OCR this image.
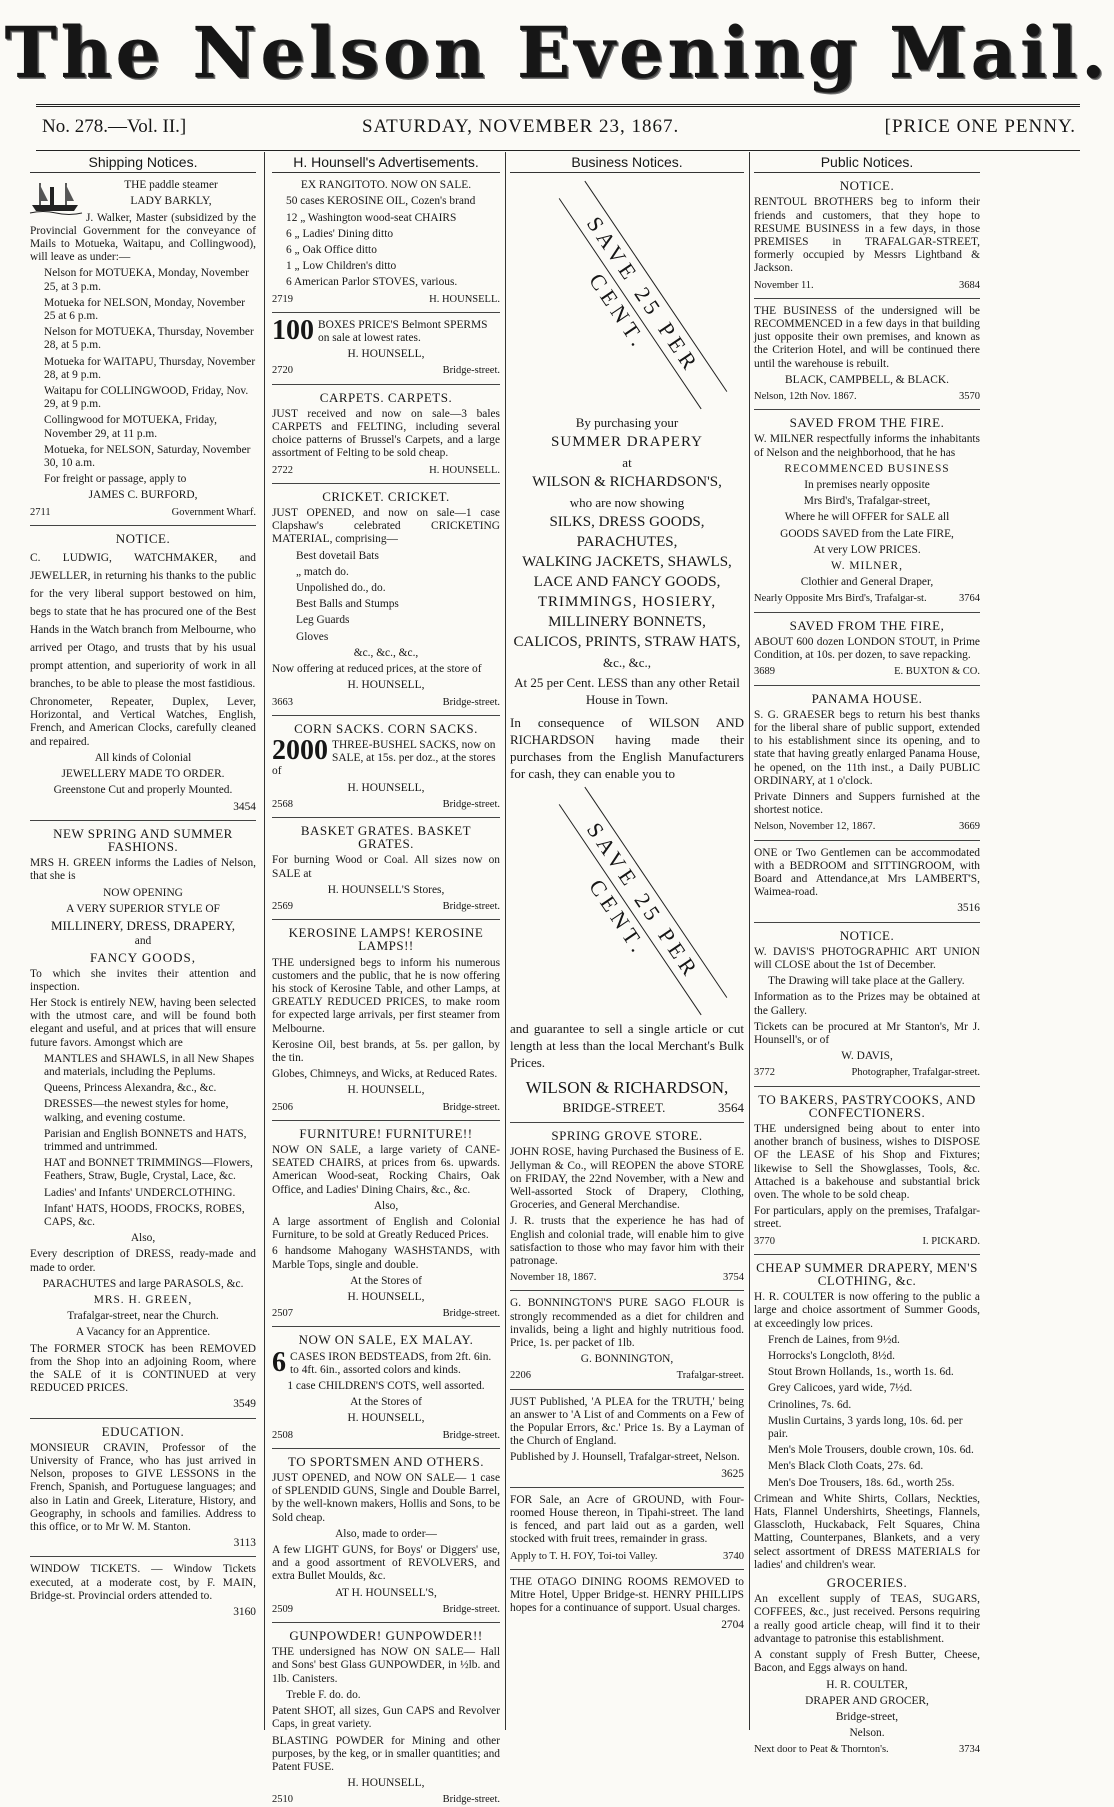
The Nelson Evening Mail.
No. 278.—Vol. II.]	SATURDAY, NOVEMBER 23, 1867.	[PRICE ONE PENNY.
Shipping Notices.

THE paddle steamer

LADY BARKLY,

J. Walker, Master (subsidized by the Provincial Government for the conveyance of Mails to Motueka, Waitapu, and Collingwood), will leave as under:—

Nelson for MOTUEKA, Monday, November 25, at 3 p.m.

Motueka for NELSON, Monday, November 25 at 6 p.m.

Nelson for MOTUEKA, Thursday, November 28, at 5 p.m.

Motueka for WAITAPU, Thursday, November 28, at 9 p.m.

Waitapu for COLLINGWOOD, Friday, Nov. 29, at 9 p.m.

Collingwood for MOTUEKA, Friday, November 29, at 11 p.m.

Motueka, for NELSON, Saturday, November 30, 10 a.m.

For freight or passage, apply to

JAMES C. BURFORD,

2711	Government Wharf.
NOTICE.

C. LUDWIG, WATCHMAKER, and JEWELLER, in returning his thanks to the public for the very liberal support bestowed on him, begs to state that he has procured one of the Best Hands in the Watch branch from Melbourne, who arrived per Otago, and trusts that by his usual prompt attention, and superiority of work in all branches, to be able to please the most fastidious.

Chronometer, Repeater, Duplex, Lever, Horizontal, and Vertical Watches, English, French, and American Clocks, carefully cleaned and repaired.

All kinds of Colonial

JEWELLERY MADE TO ORDER.

Greenstone Cut and properly Mounted.

3454

NEW SPRING AND SUMMER FASHIONS.

MRS H. GREEN informs the Ladies of Nelson, that she is

NOW OPENING

A VERY SUPERIOR STYLE OF

MILLINERY, DRESS, DRAPERY,

and

FANCY GOODS,

To which she invites their attention and inspection.

Her Stock is entirely NEW, having been selected with the utmost care, and will be found both elegant and useful, and at prices that will ensure future favors. Amongst which are

MANTLES and SHAWLS, in all New Shapes and materials, including the Peplums.

Queens, Princess Alexandra, &c., &c.

DRESSES—the newest styles for home, walking, and evening costume.

Parisian and English BONNETS and HATS, trimmed and untrimmed.

HAT and BONNET TRIMMINGS—Flowers, Feathers, Straw, Bugle, Crystal, Lace, &c.

Ladies' and Infants' UNDERCLOTHING.

Infant' HATS, HOODS, FROCKS, ROBES, CAPS, &c.

Also,

Every description of DRESS, ready-made and made to order.

PARACHUTES and large PARASOLS, &c.

MRS. H. GREEN,

Trafalgar-street, near the Church.

A Vacancy for an Apprentice.

The FORMER STOCK has been REMOVED from the Shop into an adjoining Room, where the SALE of it is CONTINUED at very REDUCED PRICES.

3549

EDUCATION.

MONSIEUR CRAVIN, Professor of the University of France, who has just arrived in Nelson, proposes to GIVE LESSONS in the French, Spanish, and Portuguese languages; and also in Latin and Greek, Literature, History, and Geography, in schools and families. Address to this office, or to Mr W. M. Stanton.

3113

WINDOW TICKETS. — Window Tickets executed, at a moderate cost, by F. MAIN, Bridge-st. Provincial orders attended to.

3160

H. Hounsell's Advertisements.

EX RANGITOTO. NOW ON SALE.

50 cases KEROSINE OIL, Cozen's brand

12 „ Washington wood-seat CHAIRS

6 „ Ladies' Dining ditto

6 „ Oak Office ditto

1 „ Low Children's ditto

6 American Parlor STOVES, various.

2719	H. HOUNSELL.
100 BOXES PRICE'S Belmont SPERMS on sale at lowest rates.

H. HOUNSELL,

2720	Bridge-street.
CARPETS. CARPETS.

JUST received and now on sale—3 bales CARPETS and FELTING, including several choice patterns of Brussel's Carpets, and a large assortment of Felting to be sold cheap.

2722	H. HOUNSELL.
CRICKET. CRICKET.

JUST OPENED, and now on sale—1 case Clapshaw's celebrated CRICKETING MATERIAL, comprising—

Best dovetail Bats

„ match do.

Unpolished do., do.

Best Balls and Stumps

Leg Guards

Gloves

&c., &c., &c.,

Now offering at reduced prices, at the store of

H. HOUNSELL,

3663	Bridge-street.
CORN SACKS. CORN SACKS.
2000 THREE-BUSHEL SACKS, now on SALE, at 15s. per doz., at the stores of

H. HOUNSELL,

2568	Bridge-street.
BASKET GRATES. BASKET GRATES.

For burning Wood or Coal. All sizes now on SALE at

H. HOUNSELL'S Stores,

2569	Bridge-street.
KEROSINE LAMPS! KEROSINE LAMPS!!

THE undersigned begs to inform his numerous customers and the public, that he is now offering his stock of Kerosine Table, and other Lamps, at GREATLY REDUCED PRICES, to make room for expected large arrivals, per first steamer from Melbourne.

Kerosine Oil, best brands, at 5s. per gallon, by the tin.

Globes, Chimneys, and Wicks, at Reduced Rates.

H. HOUNSELL,

2506	Bridge-street.
FURNITURE! FURNITURE!!

NOW ON SALE, a large variety of CANE-SEATED CHAIRS, at prices from 6s. upwards. American Wood-seat, Rocking Chairs, Oak Office, and Ladies' Dining Chairs, &c., &c.

Also,

A large assortment of English and Colonial Furniture, to be sold at Greatly Reduced Prices.

6 handsome Mahogany WASHSTANDS, with Marble Tops, single and double.

At the Stores of

H. HOUNSELL,

2507	Bridge-street.
NOW ON SALE, EX MALAY.
6 CASES IRON BEDSTEADS, from 2ft. 6in. to 4ft. 6in., assorted colors and kinds.

1 case CHILDREN'S COTS, well assorted.

At the Stores of

H. HOUNSELL,

2508	Bridge-street.
TO SPORTSMEN AND OTHERS.

JUST OPENED, and NOW ON SALE— 1 case of SPLENDID GUNS, Single and Double Barrel, by the well-known makers, Hollis and Sons, to be Sold cheap.

Also, made to order—

A few LIGHT GUNS, for Boys' or Diggers' use, and a good assortment of REVOLVERS, and extra Bullet Moulds, &c.

AT H. HOUNSELL'S,

2509	Bridge-street.
GUNPOWDER! GUNPOWDER!!

THE undersigned has NOW ON SALE— Hall and Sons' best Glass GUNPOWDER, in ½lb. and 1lb. Canisters.

Treble F. do. do.

Patent SHOT, all sizes, Gun CAPS and Revolver Caps, in great variety.

BLASTING POWDER for Mining and other purposes, by the keg, or in smaller quantities; and Patent FUSE.

H. HOUNSELL,

2510	Bridge-street.
Business Notices.
SAVE 25 PER CENT.

By purchasing your

SUMMER DRAPERY

at

WILSON & RICHARDSON'S,

who are now showing

SILKS, DRESS GOODS,

PARACHUTES,

WALKING JACKETS, SHAWLS,

LACE AND FANCY GOODS,

TRIMMINGS, HOSIERY,

MILLINERY BONNETS,

CALICOS, PRINTS, STRAW HATS,

&c., &c.,

At 25 per Cent. LESS than any other Retail House in Town.

In consequence of WILSON AND RICHARDSON having made their purchases from the English Manufacturers for cash, they can enable you to

SAVE 25 PER CENT.

and guarantee to sell a single article or cut length at less than the local Merchant's Bulk Prices.

WILSON & RICHARDSON,

BRIDGE-STREET.	3564
SPRING GROVE STORE.

JOHN ROSE, having Purchased the Business of E. Jellyman & Co., will REOPEN the above STORE on FRIDAY, the 22nd November, with a New and Well-assorted Stock of Drapery, Clothing, Groceries, and General Merchandise.

J. R. trusts that the experience he has had of English and colonial trade, will enable him to give satisfaction to those who may favor him with their patronage.

November 18, 1867.	3754

G. BONNINGTON'S PURE SAGO FLOUR is strongly recommended as a diet for children and invalids, being a light and highly nutritious food. Price, 1s. per packet of 1lb.

G. BONNINGTON,

2206	Trafalgar-street.

JUST Published, 'A PLEA for the TRUTH,' being an answer to 'A List of and Comments on a Few of the Popular Errors, &c.' Price 1s. By a Layman of the Church of England.

Published by J. Hounsell, Trafalgar-street, Nelson.

3625

FOR Sale, an Acre of GROUND, with Four-roomed House thereon, in Tipahi-street. The land is fenced, and part laid out as a garden, well stocked with fruit trees, remainder in grass.

Apply to T. H. FOY, Toi-toi Valley.	3740

THE OTAGO DINING ROOMS REMOVED to Mitre Hotel, Upper Bridge-st. HENRY PHILLIPS hopes for a continuance of support. Usual charges.

2704

Public Notices.
NOTICE.

RENTOUL BROTHERS beg to inform their friends and customers, that they hope to RESUME BUSINESS in a few days, in those PREMISES in TRAFALGAR-STREET, formerly occupied by Messrs Lightband & Jackson.

November 11.	3684

THE BUSINESS of the undersigned will be RECOMMENCED in a few days in that building just opposite their own premises, and known as the Criterion Hotel, and will be continued there until the warehouse is rebuilt.

BLACK, CAMPBELL, & BLACK.

Nelson, 12th Nov. 1867.	3570
SAVED FROM THE FIRE.

W. MILNER respectfully informs the inhabitants of Nelson and the neighborhood, that he has

RECOMMENCED BUSINESS

In premises nearly opposite

Mrs Bird's, Trafalgar-street,

Where he will OFFER for SALE all

GOODS SAVED from the Late FIRE,

At very LOW PRICES.

W. MILNER,

Clothier and General Draper,

Nearly Opposite Mrs Bird's, Trafalgar-st.	3764
SAVED FROM THE FIRE,

ABOUT 600 dozen LONDON STOUT, in Prime Condition, at 10s. per dozen, to save repacking.

3689	E. BUXTON & CO.
PANAMA HOUSE.

S. G. GRAESER begs to return his best thanks for the liberal share of public support, extended to his establishment since its opening, and to state that having greatly enlarged Panama House, he opened, on the 11th inst., a Daily PUBLIC ORDINARY, at 1 o'clock.

Private Dinners and Suppers furnished at the shortest notice.

Nelson, November 12, 1867.	3669

ONE or Two Gentlemen can be accommodated with a BEDROOM and SITTINGROOM, with Board and Attendance,at Mrs LAMBERT'S, Waimea-road.

3516

NOTICE.

W. DAVIS'S PHOTOGRAPHIC ART UNION will CLOSE about the 1st of December.

The Drawing will take place at the Gallery.

Information as to the Prizes may be obtained at the Gallery.

Tickets can be procured at Mr Stanton's, Mr J. Hounsell's, or of

W. DAVIS,

3772	Photographer, Trafalgar-street.
TO BAKERS, PASTRYCOOKS, AND CONFECTIONERS.

THE undersigned being about to enter into another branch of business, wishes to DISPOSE OF the LEASE of his Shop and Fixtures; likewise to Sell the Showglasses, Tools, &c. Attached is a bakehouse and substantial brick oven. The whole to be sold cheap.

For particulars, apply on the premises, Trafalgar-street.

3770	I. PICKARD.
CHEAP SUMMER DRAPERY, MEN'S CLOTHING, &c.

H. R. COULTER is now offering to the public a large and choice assortment of Summer Goods, at exceedingly low prices.

French de Laines, from 9½d.

Horrocks's Longcloth, 8½d.

Stout Brown Hollands, 1s., worth 1s. 6d.

Grey Calicoes, yard wide, 7½d.

Crinolines, 7s. 6d.

Muslin Curtains, 3 yards long, 10s. 6d. per pair.

Men's Mole Trousers, double crown, 10s. 6d.

Men's Black Cloth Coats, 27s. 6d.

Men's Doe Trousers, 18s. 6d., worth 25s.

Crimean and White Shirts, Collars, Neckties, Hats, Flannel Undershirts, Sheetings, Flannels, Glasscloth, Huckaback, Felt Squares, China Matting, Counterpanes, Blankets, and a very select assortment of DRESS MATERIALS for ladies' and children's wear.

GROCERIES.

An excellent supply of TEAS, SUGARS, COFFEES, &c., just received. Persons requiring a really good article cheap, will find it to their advantage to patronise this establishment.

A constant supply of Fresh Butter, Cheese, Bacon, and Eggs always on hand.

H. R. COULTER,

DRAPER AND GROCER,

Bridge-street,

Nelson.

Next door to Peat & Thornton's.	3734
